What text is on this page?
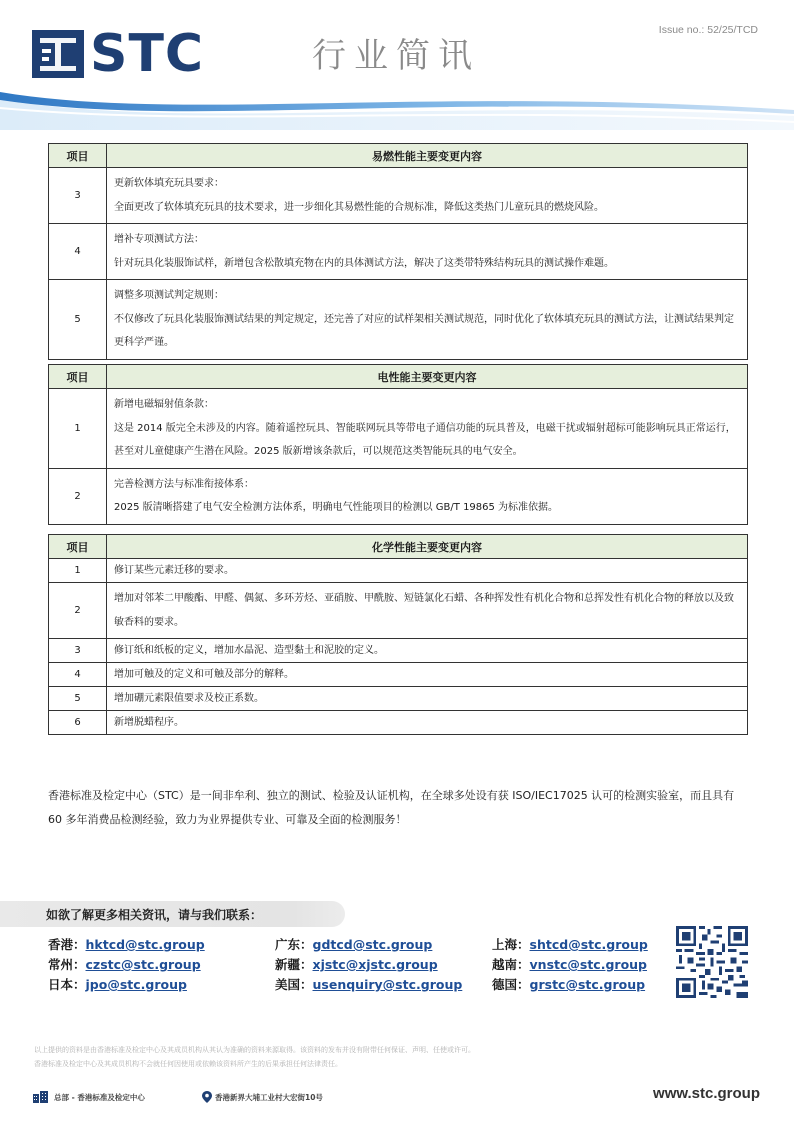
STC	行业简讯
Issue no.: 52/25/TCD
项目	易燃性能主要变更内容
3	更新软体填充玩具要求：
全面更改了软体填充玩具的技术要求，进一步细化其易燃性能的合规标准，降低这类热门儿童玩具的燃烧风险。

4	增补专项测试方法：
针对玩具化装服饰试样，新增包含松散填充物在内的具体测试方法，解决了这类带特殊结构玩具的测试操作难题。

5	调整多项测试判定规则：
不仅修改了玩具化装服饰测试结果的判定规定，还完善了对应的试样架相关测试规范，同时优化了软体填充玩具的测试方法，让测试结果判定更科学严谨。
项目	电性能主要变更内容
1	新增电磁辐射值条款：
这是 2014 版完全未涉及的内容。随着遥控玩具、智能联网玩具等带电子通信功能的玩具普及，电磁干扰或辐射超标可能影响玩具正常运行，甚至对儿童健康产生潜在风险。2025 版新增该条款后，可以规范这类智能玩具的电气安全。

2	完善检测方法与标准衔接体系：
2025 版清晰搭建了电气安全检测方法体系，明确电气性能项目的检测以 GB/T 19865 为标准依据。
项目	化学性能主要变更内容
1	修订某些元素迁移的要求。
2	增加对邻苯二甲酸酯、甲醛、偶氮、多环芳烃、亚硝胺、甲酰胺、短链氯化石蜡、各种挥发性有机化合物和总挥发性有机化合物的释放以及致敏香料的要求。
3	修订纸和纸板的定义，增加水晶泥、造型黏土和泥胶的定义。
4	增加可触及的定义和可触及部分的解释。
5	增加硼元素限值要求及校正系数。
6	新增脱蜡程序。
香港标准及检定中心（STC）是一间非牟利、独立的测试、检验及认证机构，在全球多处设有获 ISO/IEC17025 认可的检测实验室，而且具有 60 多年消费品检测经验，致力为业界提供专业、可靠及全面的检测服务！
如欲了解更多相关资讯，请与我们联系：
香港：hktcd@stc.group	广东：gdtcd@stc.group	上海：shtcd@stc.group
常州：czstc@stc.group	新疆：xjstc@xjstc.group	越南：vnstc@stc.group
日本：jpo@stc.group	美国：usenquiry@stc.group 德国：grstc@stc.group
以上提供的资料是由香港标准及检定中心及其成员机构从其认为准确的资料来源取得。该资料的发布并没有附带任何保证、声明、任使或许可。
香港标准及检定中心及其成员机构不会就任何因使用或依赖该资料所产生的后果承担任何法律责任。
总部 - 香港标准及检定中心	香港新界大埔工业村大宏街10号	www.stc.group
